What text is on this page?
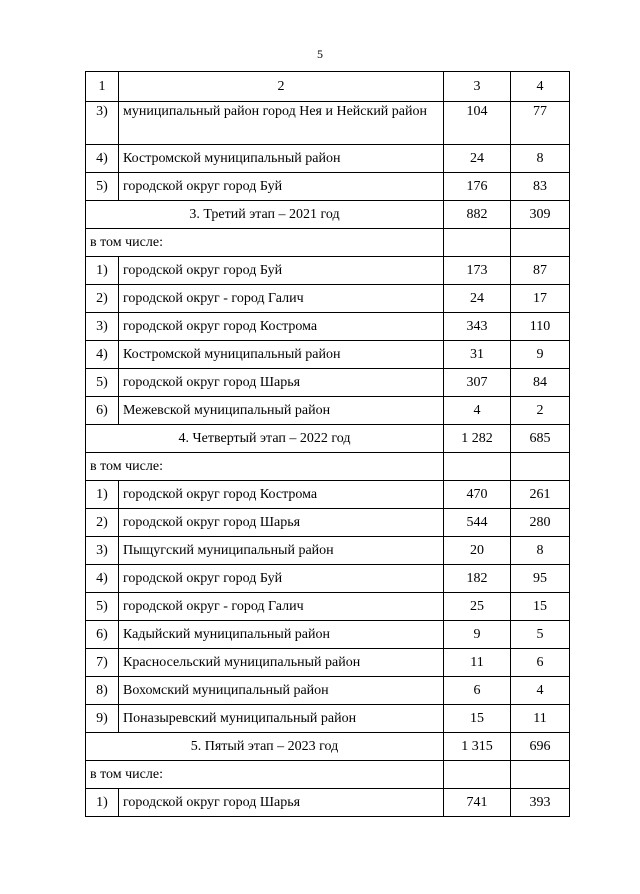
5
1	2	3	4
3)	муниципальный район город Нея и Нейский район	104	77
4)	Костромской муниципальный район	24	8
5)	городской округ город Буй	176	83
3. Третий этап – 2021 год		882	309
в том числе:			
1)	городской округ город Буй	173	87
2)	городской округ - город Галич	24	17
3)	городской округ город Кострома	343	110
4)	Костромской муниципальный район	31	9
5)	городской округ город Шарья	307	84
6)	Межевской муниципальный район	4	2
4. Четвертый этап – 2022 год		1 282	685
в том числе:			
1)	городской округ город Кострома	470	261
2)	городской округ город Шарья	544	280
3)	Пыщугский муниципальный район	20	8
4)	городской округ город Буй	182	95
5)	городской округ - город Галич	25	15
6)	Кадыйский муниципальный район	9	5
7)	Красносельский муниципальный район	11	6
8)	Вохомский муниципальный район	6	4
9)	Поназыревский муниципальный район	15	11
5. Пятый этап – 2023 год		1 315	696
в том числе:			
1)	городской округ город Шарья	741	393
